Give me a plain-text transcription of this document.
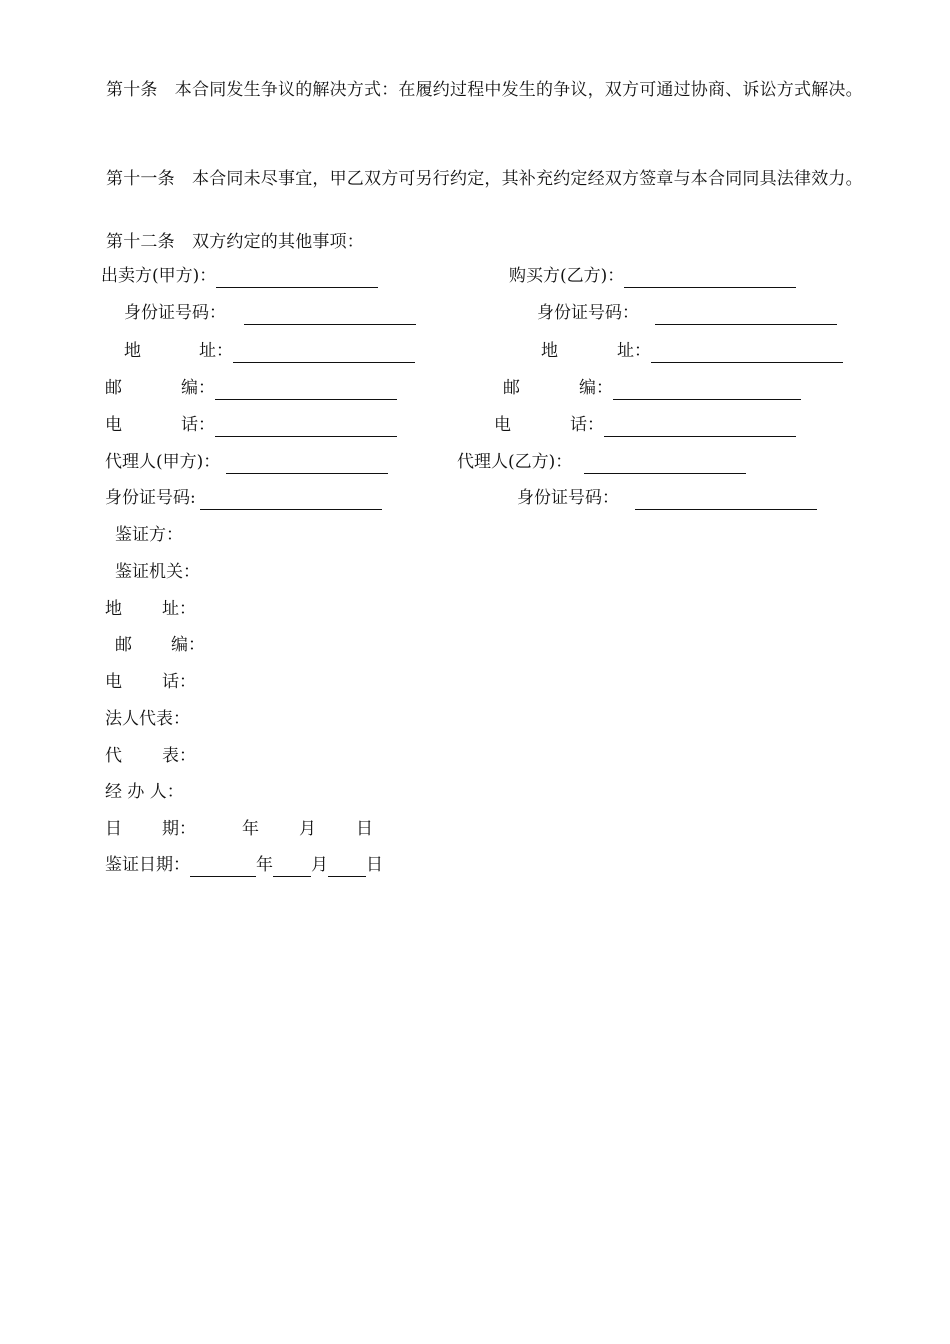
第十条　本合同发生争议的解决方式：在履约过程中发生的争议，双方可通过协商、诉讼方式解决。
第十一条　本合同未尽事宜，甲乙双方可另行约定，其补充约定经双方签章与本合同同具法律效力。
第十二条　双方约定的其他事项：
出卖方(甲方)：	购买方(乙方)：
身份证号码：	身份证号码：
地	址：	地	址：
邮	编：	邮	编：
电	话：	电	话：
代理人(甲方)：	代理人(乙方)：
身份证号码:	身份证号码：
鉴证方：
鉴证机关：
地 址：
邮 编：
电 话：
法人代表：
代 表：
经 办 人：
日 期：	年 月 日
鉴证日期：	年 月 日
